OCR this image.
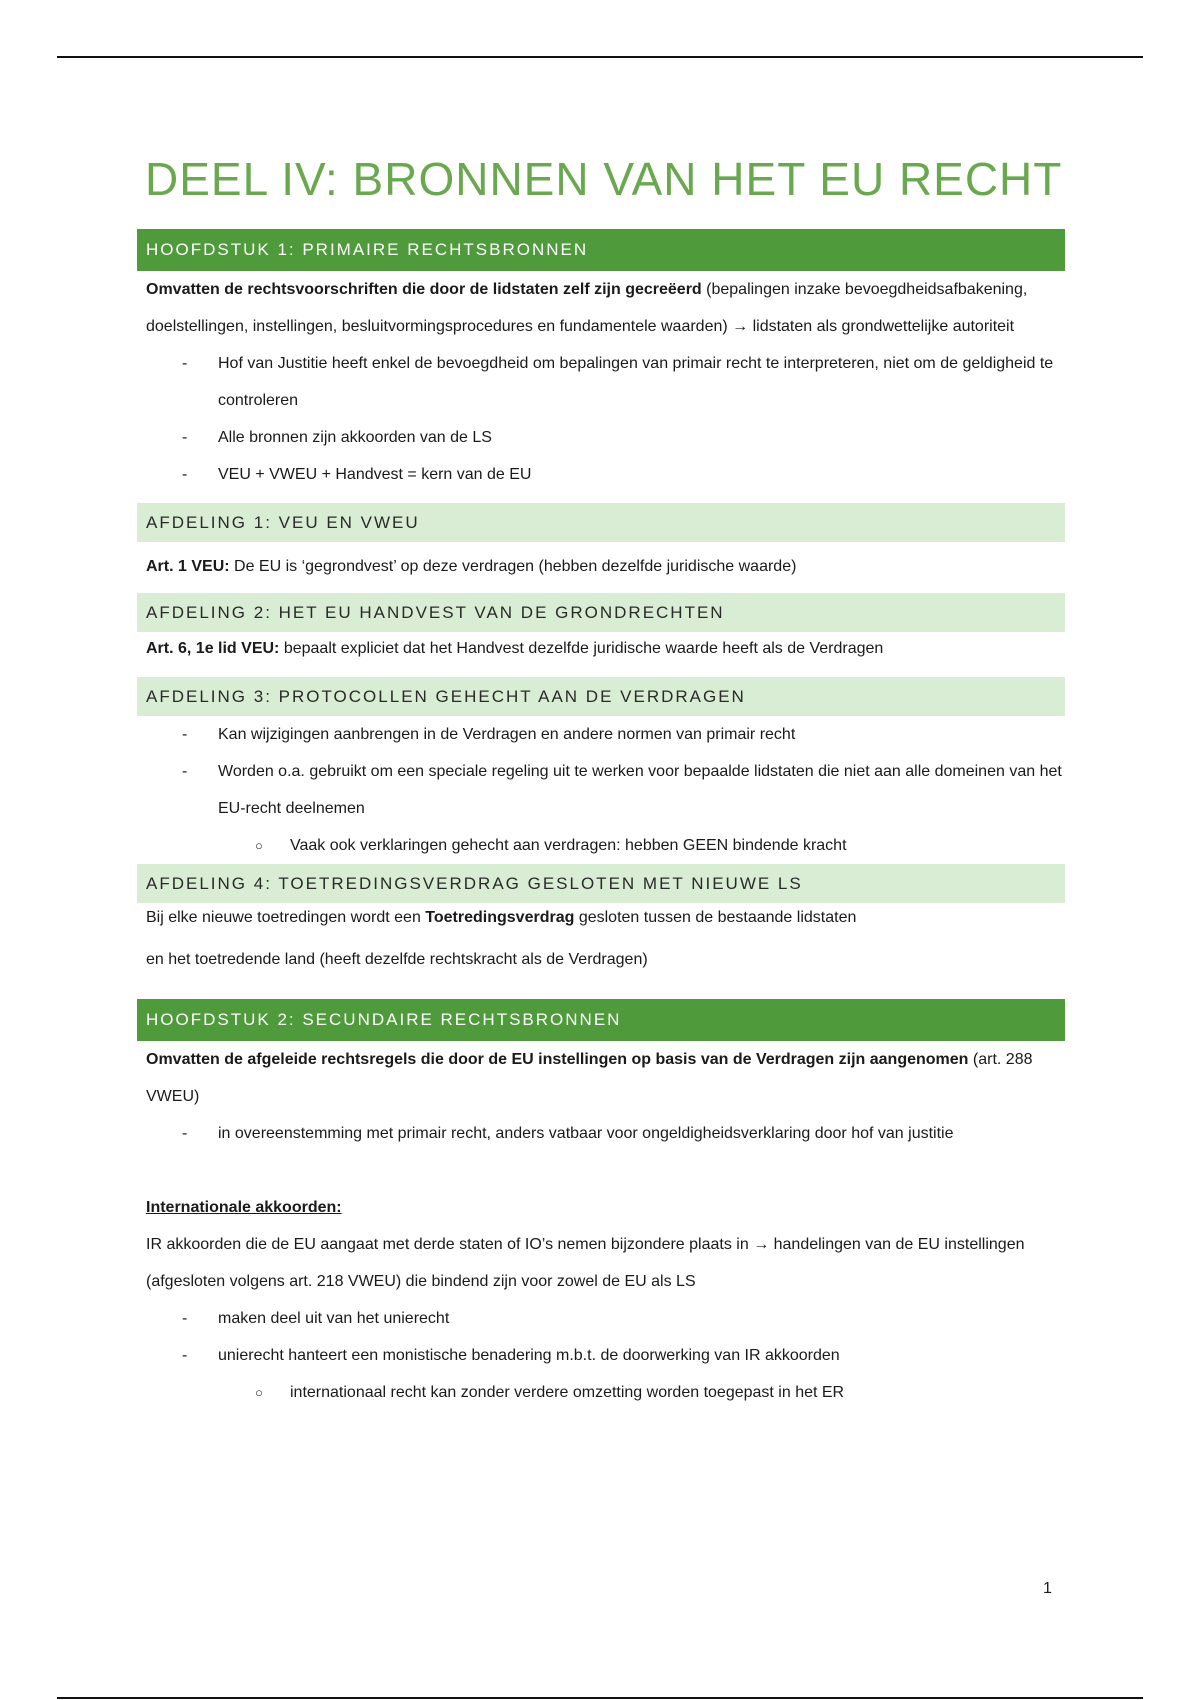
DEEL IV: BRONNEN VAN HET EU RECHT
HOOFDSTUK 1: PRIMAIRE RECHTSBRONNEN

Omvatten de rechtsvoorschriften die door de lidstaten zelf zijn gecreëerd (bepalingen inzake bevoegdheidsafbakening, doelstellingen, instellingen, besluitvormingsprocedures en fundamentele waarden) → lidstaten als grondwettelijke autoriteit

- Hof van Justitie heeft enkel de bevoegdheid om bepalingen van primair recht te interpreteren, niet om de geldigheid te controleren

- Alle bronnen zijn akkoorden van de LS

- VEU + VWEU + Handvest = kern van de EU

AFDELING 1: VEU EN VWEU

Art. 1 VEU: De EU is ‘gegrondvest’ op deze verdragen (hebben dezelfde juridische waarde)

AFDELING 2: HET EU HANDVEST VAN DE GRONDRECHTEN

Art. 6, 1e lid VEU: bepaalt expliciet dat het Handvest dezelfde juridische waarde heeft als de Verdragen

AFDELING 3: PROTOCOLLEN GEHECHT AAN DE VERDRAGEN

- Kan wijzigingen aanbrengen in de Verdragen en andere normen van primair recht

- Worden o.a. gebruikt om een speciale regeling uit te werken voor bepaalde lidstaten die niet aan alle domeinen van het EU-recht deelnemen

○ Vaak ook verklaringen gehecht aan verdragen: hebben GEEN bindende kracht

AFDELING 4: TOETREDINGSVERDRAG GESLOTEN MET NIEUWE LS

Bij elke nieuwe toetredingen wordt een Toetredingsverdrag gesloten tussen de bestaande lidstaten

en het toetredende land (heeft dezelfde rechtskracht als de Verdragen)

HOOFDSTUK 2: SECUNDAIRE RECHTSBRONNEN

Omvatten de afgeleide rechtsregels die door de EU instellingen op basis van de Verdragen zijn aangenomen (art. 288 VWEU)

- in overeenstemming met primair recht, anders vatbaar voor ongeldigheidsverklaring door hof van justitie

Internationale akkoorden:

IR akkoorden die de EU aangaat met derde staten of IO’s nemen bijzondere plaats in → handelingen van de EU instellingen (afgesloten volgens art. 218 VWEU) die bindend zijn voor zowel de EU als LS

- maken deel uit van het unierecht

- unierecht hanteert een monistische benadering m.b.t. de doorwerking van IR akkoorden

○ internationaal recht kan zonder verdere omzetting worden toegepast in het ER

1
